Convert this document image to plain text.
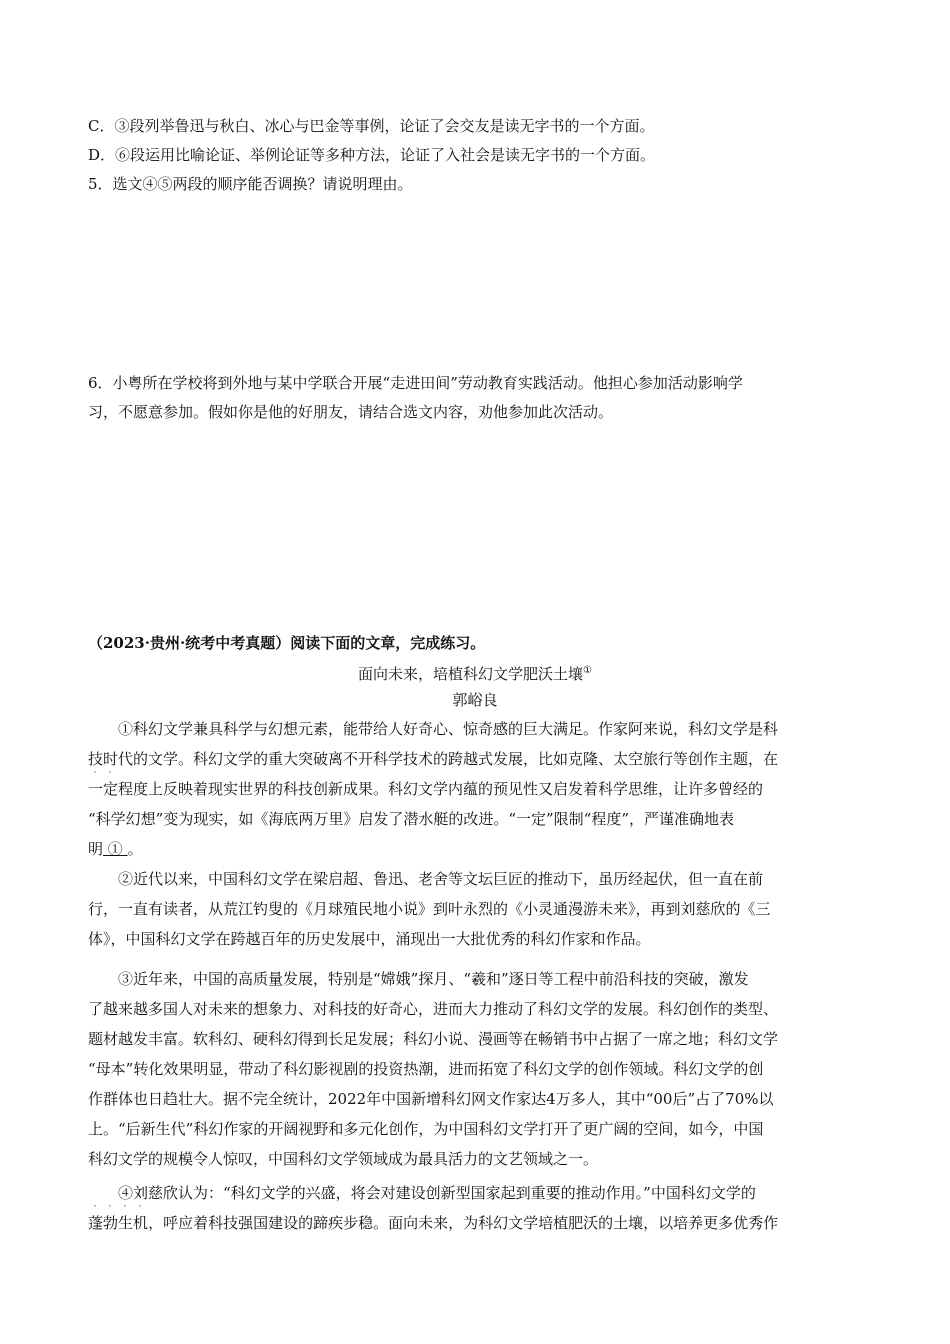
C．③段列举鲁迅与秋白、冰心与巴金等事例，论证了会交友是读无字书的一个方面。

D．⑥段运用比喻论证、举例论证等多种方法，论证了入社会是读无字书的一个方面。

5．选文④⑤两段的顺序能否调换？请说明理由。

6．小粤所在学校将到外地与某中学联合开展“走进田间”劳动教育实践活动。他担心参加活动影响学

习，不愿意参加。假如你是他的好朋友，请结合选文内容，劝他参加此次活动。

（2023·贵州·统考中考真题）阅读下面的文章，完成练习。

面向未来，培植科幻文学肥沃土壤①
郭峪良

①科幻文学兼具科学与幻想元素，能带给人好奇心、惊奇感的巨大满足。作家阿来说，科幻文学是科

技时代的文学。科幻文学的重大突破离不开科学技术的跨越式发展，比如克隆、太空旅行等创作主题，在

·
一
·
定程度上反映着现实世界的科技创新成果。科幻文学内蕴的预见性又启发着科学思维，让许多曾经的

“科学幻想”变为现实，如《海底两万里》启发了潜水艇的改进。“一定”限制“程度”，严谨准确地表

明 ① 。

②近代以来，中国科幻文学在梁启超、鲁迅、老舍等文坛巨匠的推动下，虽历经起伏，但一直在前

行，一直有读者，从荒江钓叟的《月球殖民地小说》到叶永烈的《小灵通漫游未来》，再到刘慈欣的《三

体》，中国科幻文学在跨越百年的历史发展中，涌现出一大批优秀的科幻作家和作品。

③近年来，中国的高质量发展，特别是“嫦娥”探月、“羲和”逐日等工程中前沿科技的突破，激发

了越来越多国人对未来的想象力、对科技的好奇心，进而大力推动了科幻文学的发展。科幻创作的类型、

题材越发丰富。软科幻、硬科幻得到长足发展；科幻小说、漫画等在畅销书中占据了一席之地；科幻文学

“母本”转化效果明显，带动了科幻影视剧的投资热潮，进而拓宽了科幻文学的创作领域。科幻文学的创

作群体也日趋壮大。据不完全统计，2022年中国新增科幻网文作家达4万多人，其中“00后”占了70%以

上。“后新生代”科幻作家的开阔视野和多元化创作，为中国科幻文学打开了更广阔的空间，如今，中国

科幻文学的规模令人惊叹，中国科幻文学领域成为最具活力的文艺领域之一。

④刘慈欣认为：“科幻文学的兴盛，将会对建设创新型国家起到重要的推动作用。”中国科幻文学的

·
蓬
·
勃
·
生
·
机，呼应着科技强国建设的蹄疾步稳。面向未来，为科幻文学培植肥沃的土壤，以培养更多优秀作
